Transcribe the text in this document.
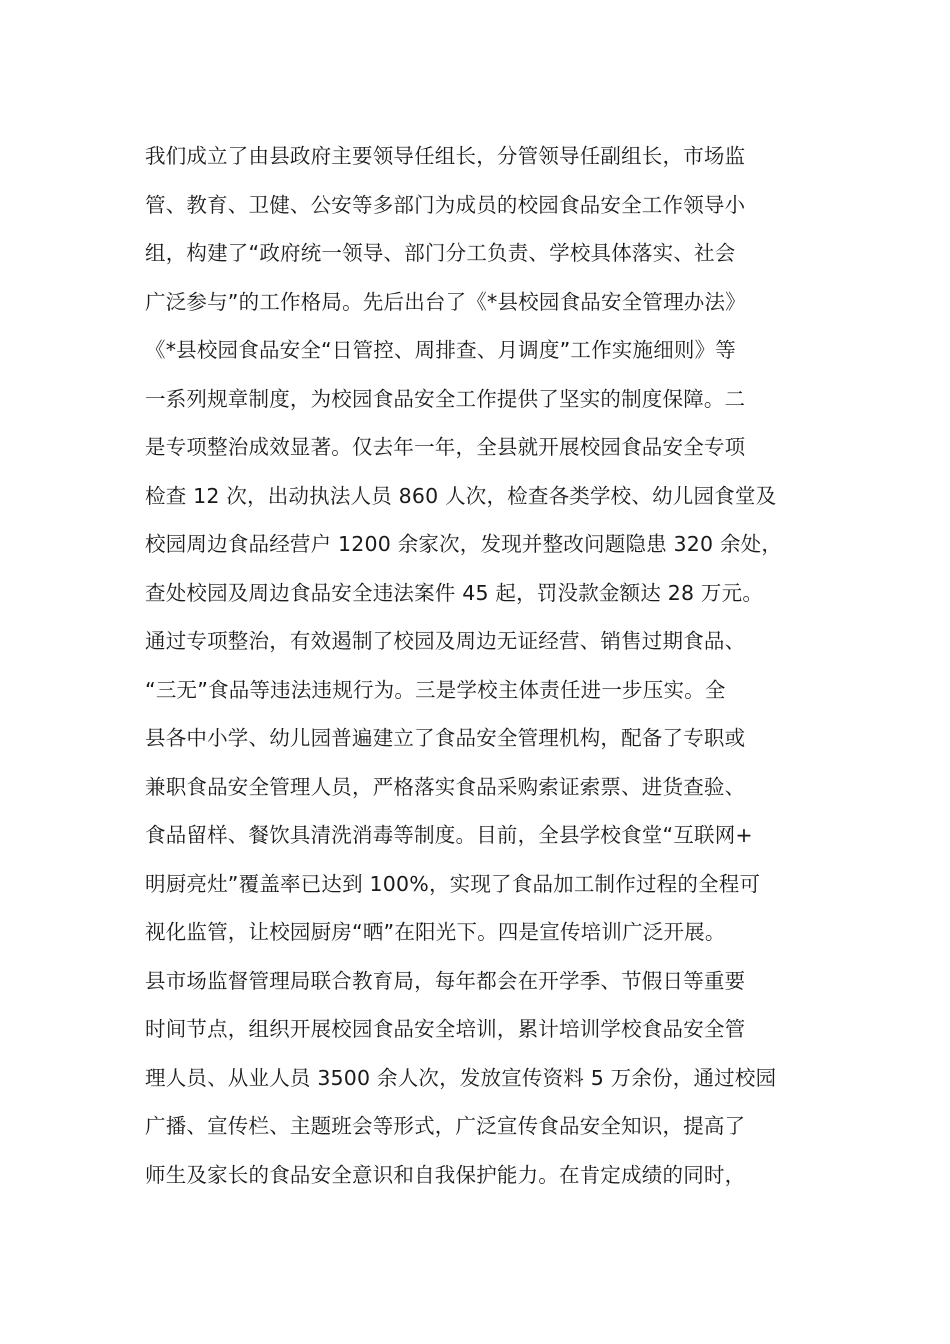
我们成立了由县政府主要领导任组长，分管领导任副组长，市场监
管、教育、卫健、公安等多部门为成员的校园食品安全工作领导小
组，构建了“政府统一领导、部门分工负责、学校具体落实、社会
广泛参与”的工作格局。先后出台了《*县校园食品安全管理办法》
《*县校园食品安全“日管控、周排查、月调度”工作实施细则》等
一系列规章制度，为校园食品安全工作提供了坚实的制度保障。二
是专项整治成效显著。仅去年一年，全县就开展校园食品安全专项
检查 12 次，出动执法人员 860 人次，检查各类学校、幼儿园食堂及
校园周边食品经营户 1200 余家次，发现并整改问题隐患 320 余处，
查处校园及周边食品安全违法案件 45 起，罚没款金额达 28 万元。
通过专项整治，有效遏制了校园及周边无证经营、销售过期食品、
“三无”食品等违法违规行为。三是学校主体责任进一步压实。全
县各中小学、幼儿园普遍建立了食品安全管理机构，配备了专职或
兼职食品安全管理人员，严格落实食品采购索证索票、进货查验、
食品留样、餐饮具清洗消毒等制度。目前，全县学校食堂“互联网+
明厨亮灶”覆盖率已达到 100%，实现了食品加工制作过程的全程可
视化监管，让校园厨房“晒”在阳光下。四是宣传培训广泛开展。
县市场监督管理局联合教育局，每年都会在开学季、节假日等重要
时间节点，组织开展校园食品安全培训，累计培训学校食品安全管
理人员、从业人员 3500 余人次，发放宣传资料 5 万余份，通过校园
广播、宣传栏、主题班会等形式，广泛宣传食品安全知识，提高了
师生及家长的食品安全意识和自我保护能力。在肯定成绩的同时，
